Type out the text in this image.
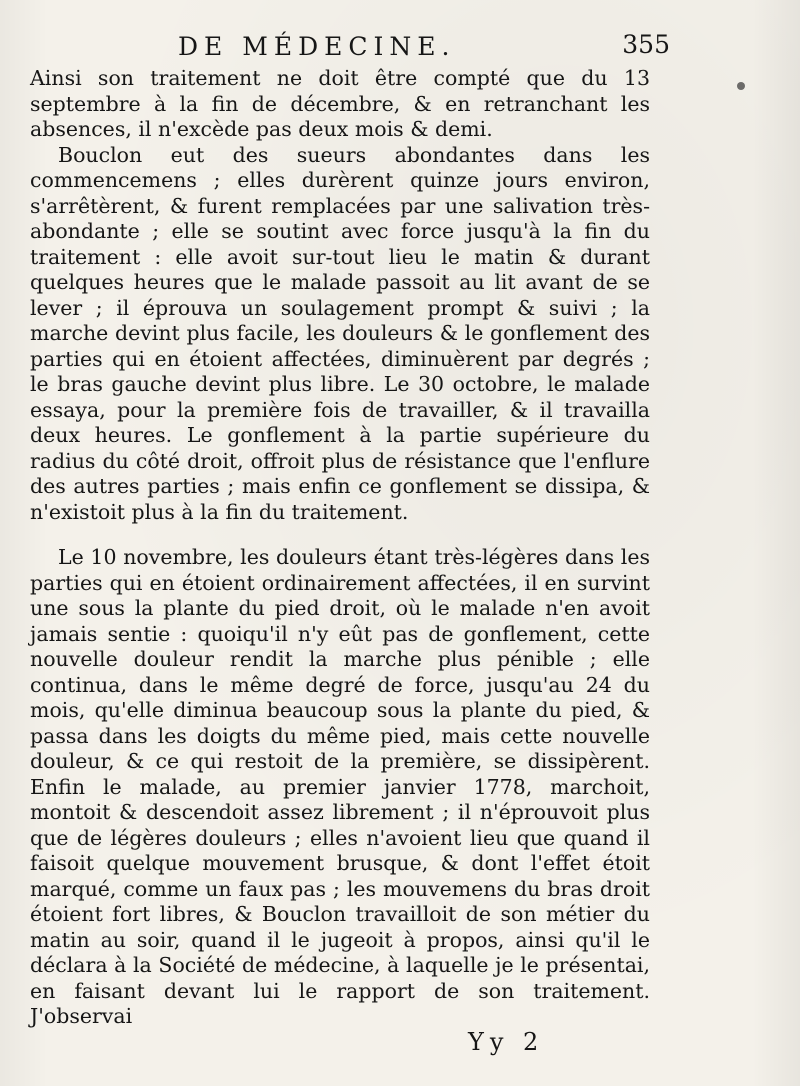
DE MÉDECINE.	355

Ainsi son traitement ne doit être compté que du 13 septembre à la fin de décembre, & en retranchant les absences, il n'excède pas deux mois & demi.

Bouclon eut des sueurs abondantes dans les commencemens ; elles durèrent quinze jours environ, s'arrêtèrent, & furent remplacées par une salivation très-abondante ; elle se soutint avec force jusqu'à la fin du traitement : elle avoit sur-tout lieu le matin & durant quelques heures que le malade passoit au lit avant de se lever ; il éprouva un soulagement prompt & suivi ; la marche devint plus facile, les douleurs & le gonflement des parties qui en étoient affectées, diminuèrent par degrés ; le bras gauche devint plus libre. Le 30 octobre, le malade essaya, pour la première fois de travailler, & il travailla deux heures. Le gonflement à la partie supérieure du radius du côté droit, offroit plus de résistance que l'enflure des autres parties ; mais enfin ce gonflement se dissipa, & n'existoit plus à la fin du traitement.

Le 10 novembre, les douleurs étant très-légères dans les parties qui en étoient ordinairement affectées, il en survint une sous la plante du pied droit, où le malade n'en avoit jamais sentie : quoiqu'il n'y eût pas de gonflement, cette nouvelle douleur rendit la marche plus pénible ; elle continua, dans le même degré de force, jusqu'au 24 du mois, qu'elle diminua beaucoup sous la plante du pied, & passa dans les doigts du même pied, mais cette nouvelle douleur, & ce qui restoit de la première, se dissipèrent. Enfin le malade, au premier janvier 1778, marchoit, montoit & descendoit assez librement ; il n'éprouvoit plus que de légères douleurs ; elles n'avoient lieu que quand il faisoit quelque mouvement brusque, & dont l'effet étoit marqué, comme un faux pas ; les mouvemens du bras droit étoient fort libres, & Bouclon travailloit de son métier du matin au soir, quand il le jugeoit à propos, ainsi qu'il le déclara à la Société de médecine, à laquelle je le présentai, en faisant devant lui le rapport de son traitement. J'observai

Yy 2
